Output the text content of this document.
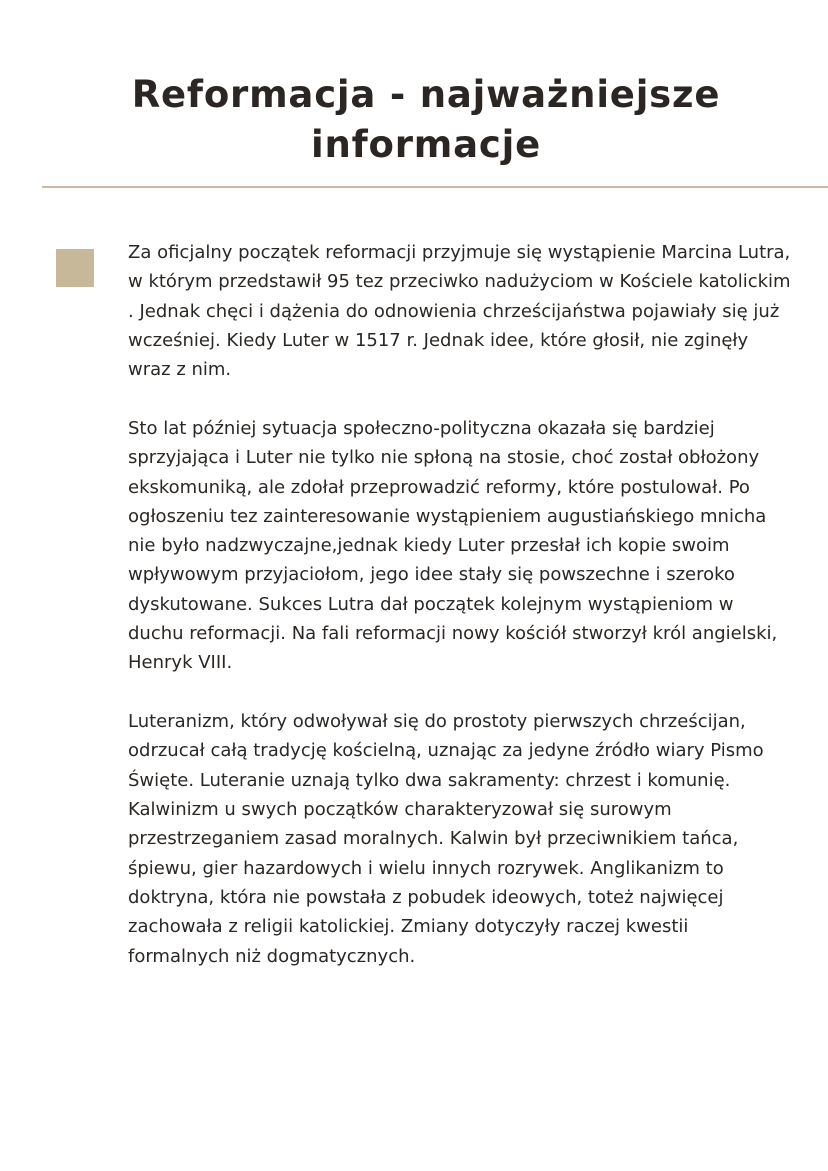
Reformacja - najważniejsze
informacje

Za oficjalny początek reformacji przyjmuje się wystąpienie Marcina Lutra, w którym przedstawił 95 tez przeciwko nadużyciom w Kościele katolickim . Jednak chęci i dążenia do odnowienia chrześcijaństwa pojawiały się już wcześniej. Kiedy Luter w 1517 r. Jednak idee, które głosił, nie zginęły wraz z nim.

Sto lat później sytuacja społeczno-polityczna okazała się bardziej sprzyjająca i Luter nie tylko nie spłoną na stosie, choć został obłożony ekskomuniką, ale zdołał przeprowadzić reformy, które postulował. Po ogłoszeniu tez zainteresowanie wystąpieniem augustiańskiego mnicha nie było nadzwyczajne,jednak kiedy Luter przesłał ich kopie swoim wpływowym przyjaciołom, jego idee stały się powszechne i szeroko dyskutowane. Sukces Lutra dał początek kolejnym wystąpieniom w duchu reformacji. Na fali reformacji nowy kościół stworzył król angielski, Henryk VIII.

Luteranizm, który odwoływał się do prostoty pierwszych chrześcijan, odrzucał całą tradycję kościelną, uznając za jedyne źródło wiary Pismo Święte. Luteranie uznają tylko dwa sakramenty: chrzest i komunię. Kalwinizm u swych początków charakteryzował się surowym przestrzeganiem zasad moralnych. Kalwin był przeciwnikiem tańca, śpiewu, gier hazardowych i wielu innych rozrywek. Anglikanizm to doktryna, która nie powstała z pobudek ideowych, toteż najwięcej zachowała z religii katolickiej. Zmiany dotyczyły raczej kwestii formalnych niż dogmatycznych.
